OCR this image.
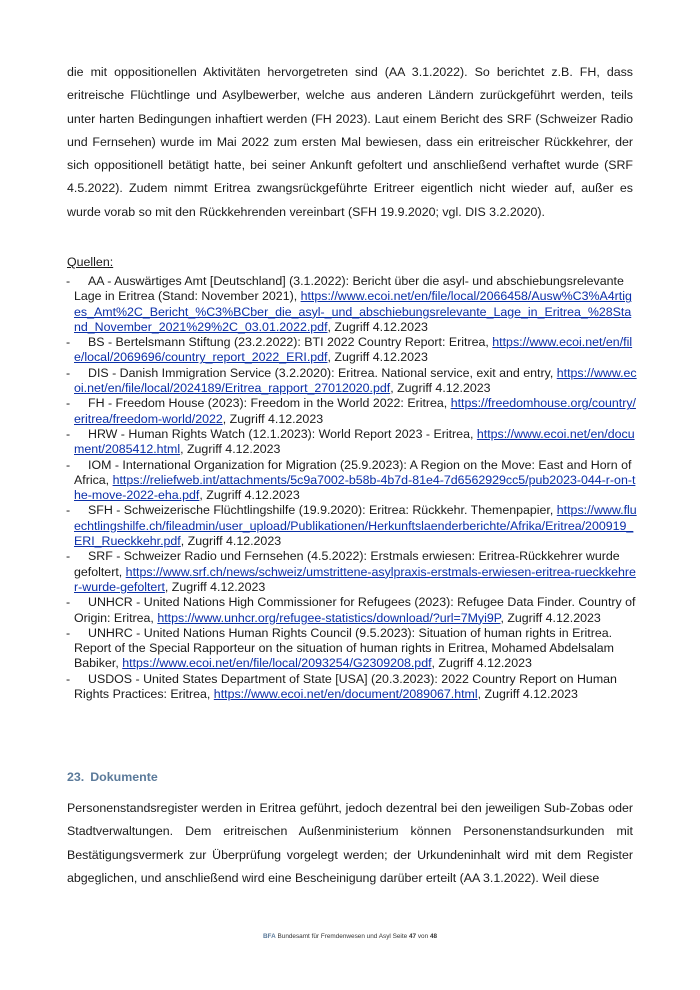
die mit oppositionellen Aktivitäten hervorgetreten sind (AA 3.1.2022). So berichtet z.B. FH, dass eritreische Flüchtlinge und Asylbewerber, welche aus anderen Ländern zurückgeführt werden, teils unter harten Bedingungen inhaftiert werden (FH 2023). Laut einem Bericht des SRF (Schweizer Radio und Fernsehen) wurde im Mai 2022 zum ersten Mal bewiesen, dass ein eritreischer Rückkehrer, der sich oppositionell betätigt hatte, bei seiner Ankunft gefoltert und anschließend verhaftet wurde (SRF 4.5.2022). Zudem nimmt Eritrea zwangsrückgeführte Eritreer eigentlich nicht wieder auf, außer es wurde vorab so mit den Rückkehrenden vereinbart (SFH 19.9.2020; vgl. DIS 3.2.2020).

Quellen:

- AA - Auswärtiges Amt [Deutschland] (3.1.2022): Bericht über die asyl- und abschiebungsrelevante Lage in Eritrea (Stand: November 2021), https://www.ecoi.net/en/file/local/2066458/Ausw%C3%A4rtiges_Amt%2C_Bericht_%C3%BCber_die_asyl-_und_abschiebungsrelevante_Lage_in_Eritrea_%28Stand_November_2021%29%2C_03.01.2022.pdf, Zugriff 4.12.2023
- BS - Bertelsmann Stiftung (23.2.2022): BTI 2022 Country Report: Eritrea, https://www.ecoi.net/en/file/local/2069696/country_report_2022_ERI.pdf, Zugriff 4.12.2023
- DIS - Danish Immigration Service (3.2.2020): Eritrea. National service, exit and entry, https://www.ecoi.net/en/file/local/2024189/Eritrea_rapport_27012020.pdf, Zugriff 4.12.2023
- FH - Freedom House (2023): Freedom in the World 2022: Eritrea, https://freedomhouse.org/country/eritrea/freedom-world/2022, Zugriff 4.12.2023
- HRW - Human Rights Watch (12.1.2023): World Report 2023 - Eritrea, https://www.ecoi.net/en/document/2085412.html, Zugriff 4.12.2023
- IOM - International Organization for Migration (25.9.2023): A Region on the Move: East and Horn of Africa, https://reliefweb.int/attachments/5c9a7002-b58b-4b7d-81e4-7d6562929cc5/pub2023-044-r-on-the-move-2022-eha.pdf, Zugriff 4.12.2023
- SFH - Schweizerische Flüchtlingshilfe (19.9.2020): Eritrea: Rückkehr. Themenpapier, https://www.fluechtlingshilfe.ch/fileadmin/user_upload/Publikationen/Herkunftslaenderberichte/Afrika/Eritrea/200919_ERI_Rueckkehr.pdf, Zugriff 4.12.2023
- SRF - Schweizer Radio und Fernsehen (4.5.2022): Erstmals erwiesen: Eritrea-Rückkehrer wurde gefoltert, https://www.srf.ch/news/schweiz/umstrittene-asylpraxis-erstmals-erwiesen-eritrea-rueckkehrer-wurde-gefoltert, Zugriff 4.12.2023
- UNHCR - United Nations High Commissioner for Refugees (2023): Refugee Data Finder. Country of Origin: Eritrea, https://www.unhcr.org/refugee-statistics/download/?url=7Myi9P, Zugriff 4.12.2023
- UNHRC - United Nations Human Rights Council (9.5.2023): Situation of human rights in Eritrea. Report of the Special Rapporteur on the situation of human rights in Eritrea, Mohamed Abdelsalam Babiker, https://www.ecoi.net/en/file/local/2093254/G2309208.pdf, Zugriff 4.12.2023
- USDOS - United States Department of State [USA] (20.3.2023): 2022 Country Report on Human Rights Practices: Eritrea, https://www.ecoi.net/en/document/2089067.html, Zugriff 4.12.2023
23. Dokumente

Personenstandsregister werden in Eritrea geführt, jedoch dezentral bei den jeweiligen Sub-Zobas oder Stadtverwaltungen. Dem eritreischen Außenministerium können Personenstandsurkunden mit Bestätigungsvermerk zur Überprüfung vorgelegt werden; der Urkundeninhalt wird mit dem Register abgeglichen, und anschließend wird eine Bescheinigung darüber erteilt (AA 3.1.2022). Weil diese

BFA Bundesamt für Fremdenwesen und Asyl Seite 47 von 48
